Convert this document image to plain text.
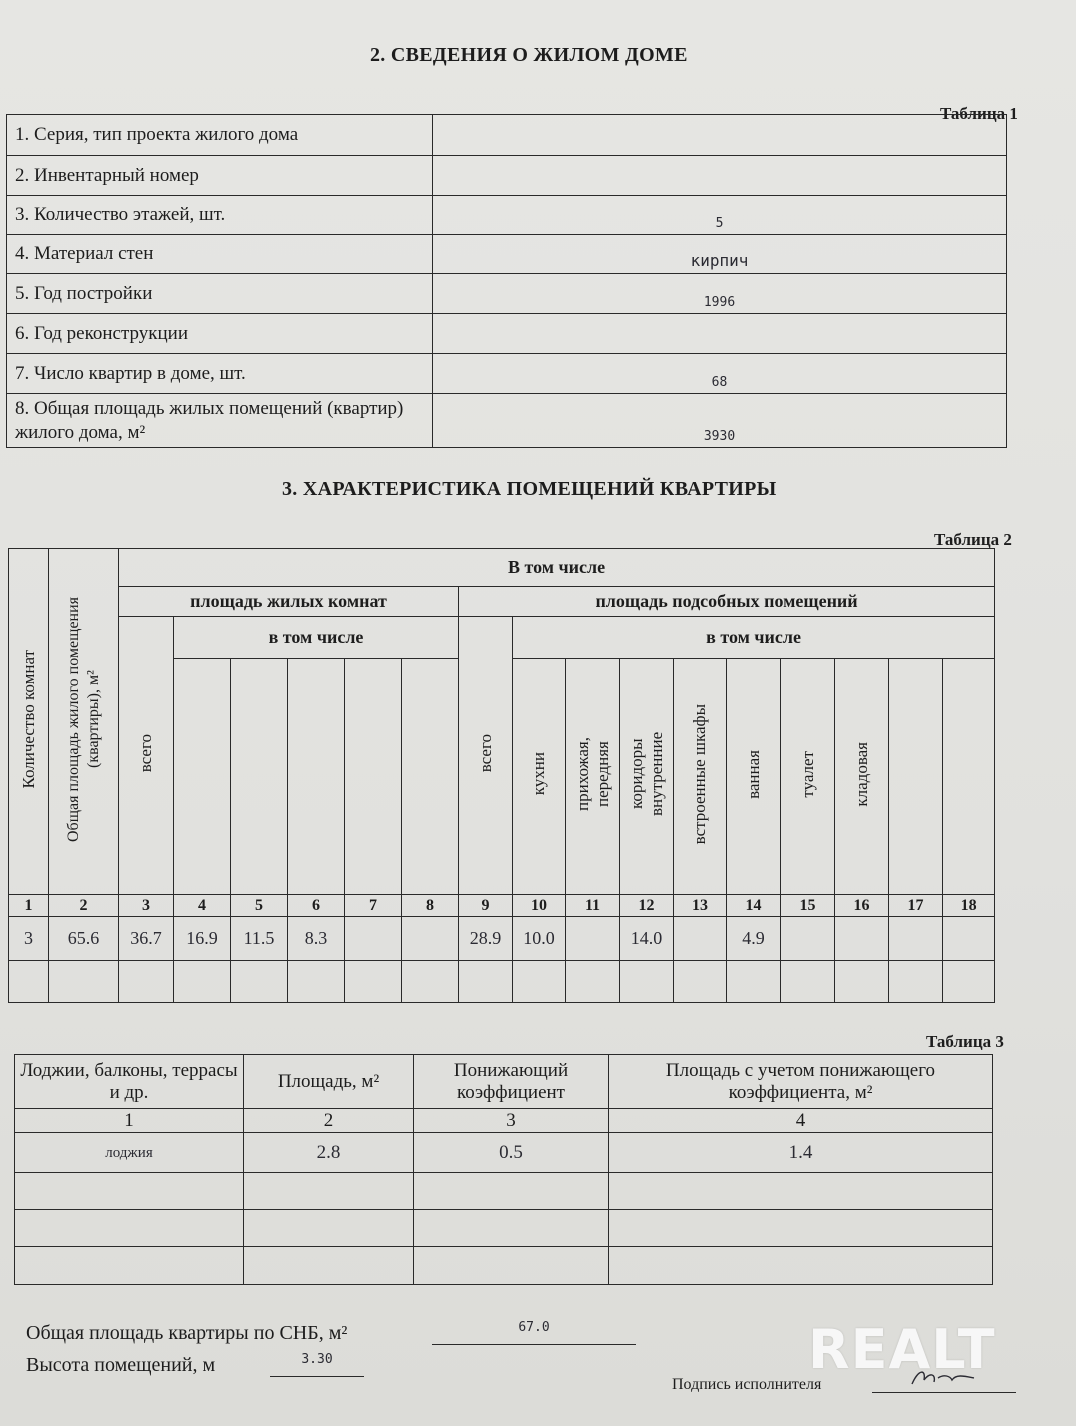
2. СВЕДЕНИЯ О ЖИЛОМ ДОМЕ
Таблица 1
1. Серия, тип проекта жилого дома	
2. Инвентарный номер	
3. Количество этажей, шт.	5
4. Материал стен	кирпич
5. Год постройки	1996
6. Год реконструкции	
7. Число квартир в доме, шт.	68
8. Общая площадь жилых помещений (квартир) жилого дома, м²	3930
3. ХАРАКТЕРИСТИКА ПОМЕЩЕНИЙ КВАРТИРЫ
Таблица 2
Количество комнат	Общая площадь жилого помещения (квартиры), м²	В том числе															
		площадь жилых комнат						площадь подсобных помещений									
		всего	в том числе					всего	в том числе								
									кухни	прихожая, передняя	коридоры внутренние	встроенные шкафы	ванная	туалет	кладовая		
1	2	3	4	5	6	7	8	9	10	11	12	13	14	15	16	17	18
3	65.6	36.7	16.9	11.5	8.3			28.9	10.0		14.0		4.9				

Таблица 3
Лоджии, балконы, террасы и др.	Площадь, м²	Понижающий коэффициент	Площадь с учетом понижающего коэффициента, м²
1	2	3	4
лоджия	2.8	0.5	1.4

Общая площадь квартиры по СНБ, м²	67.0
Высота помещений, м	3.30
Подпись исполнителя
REALT
